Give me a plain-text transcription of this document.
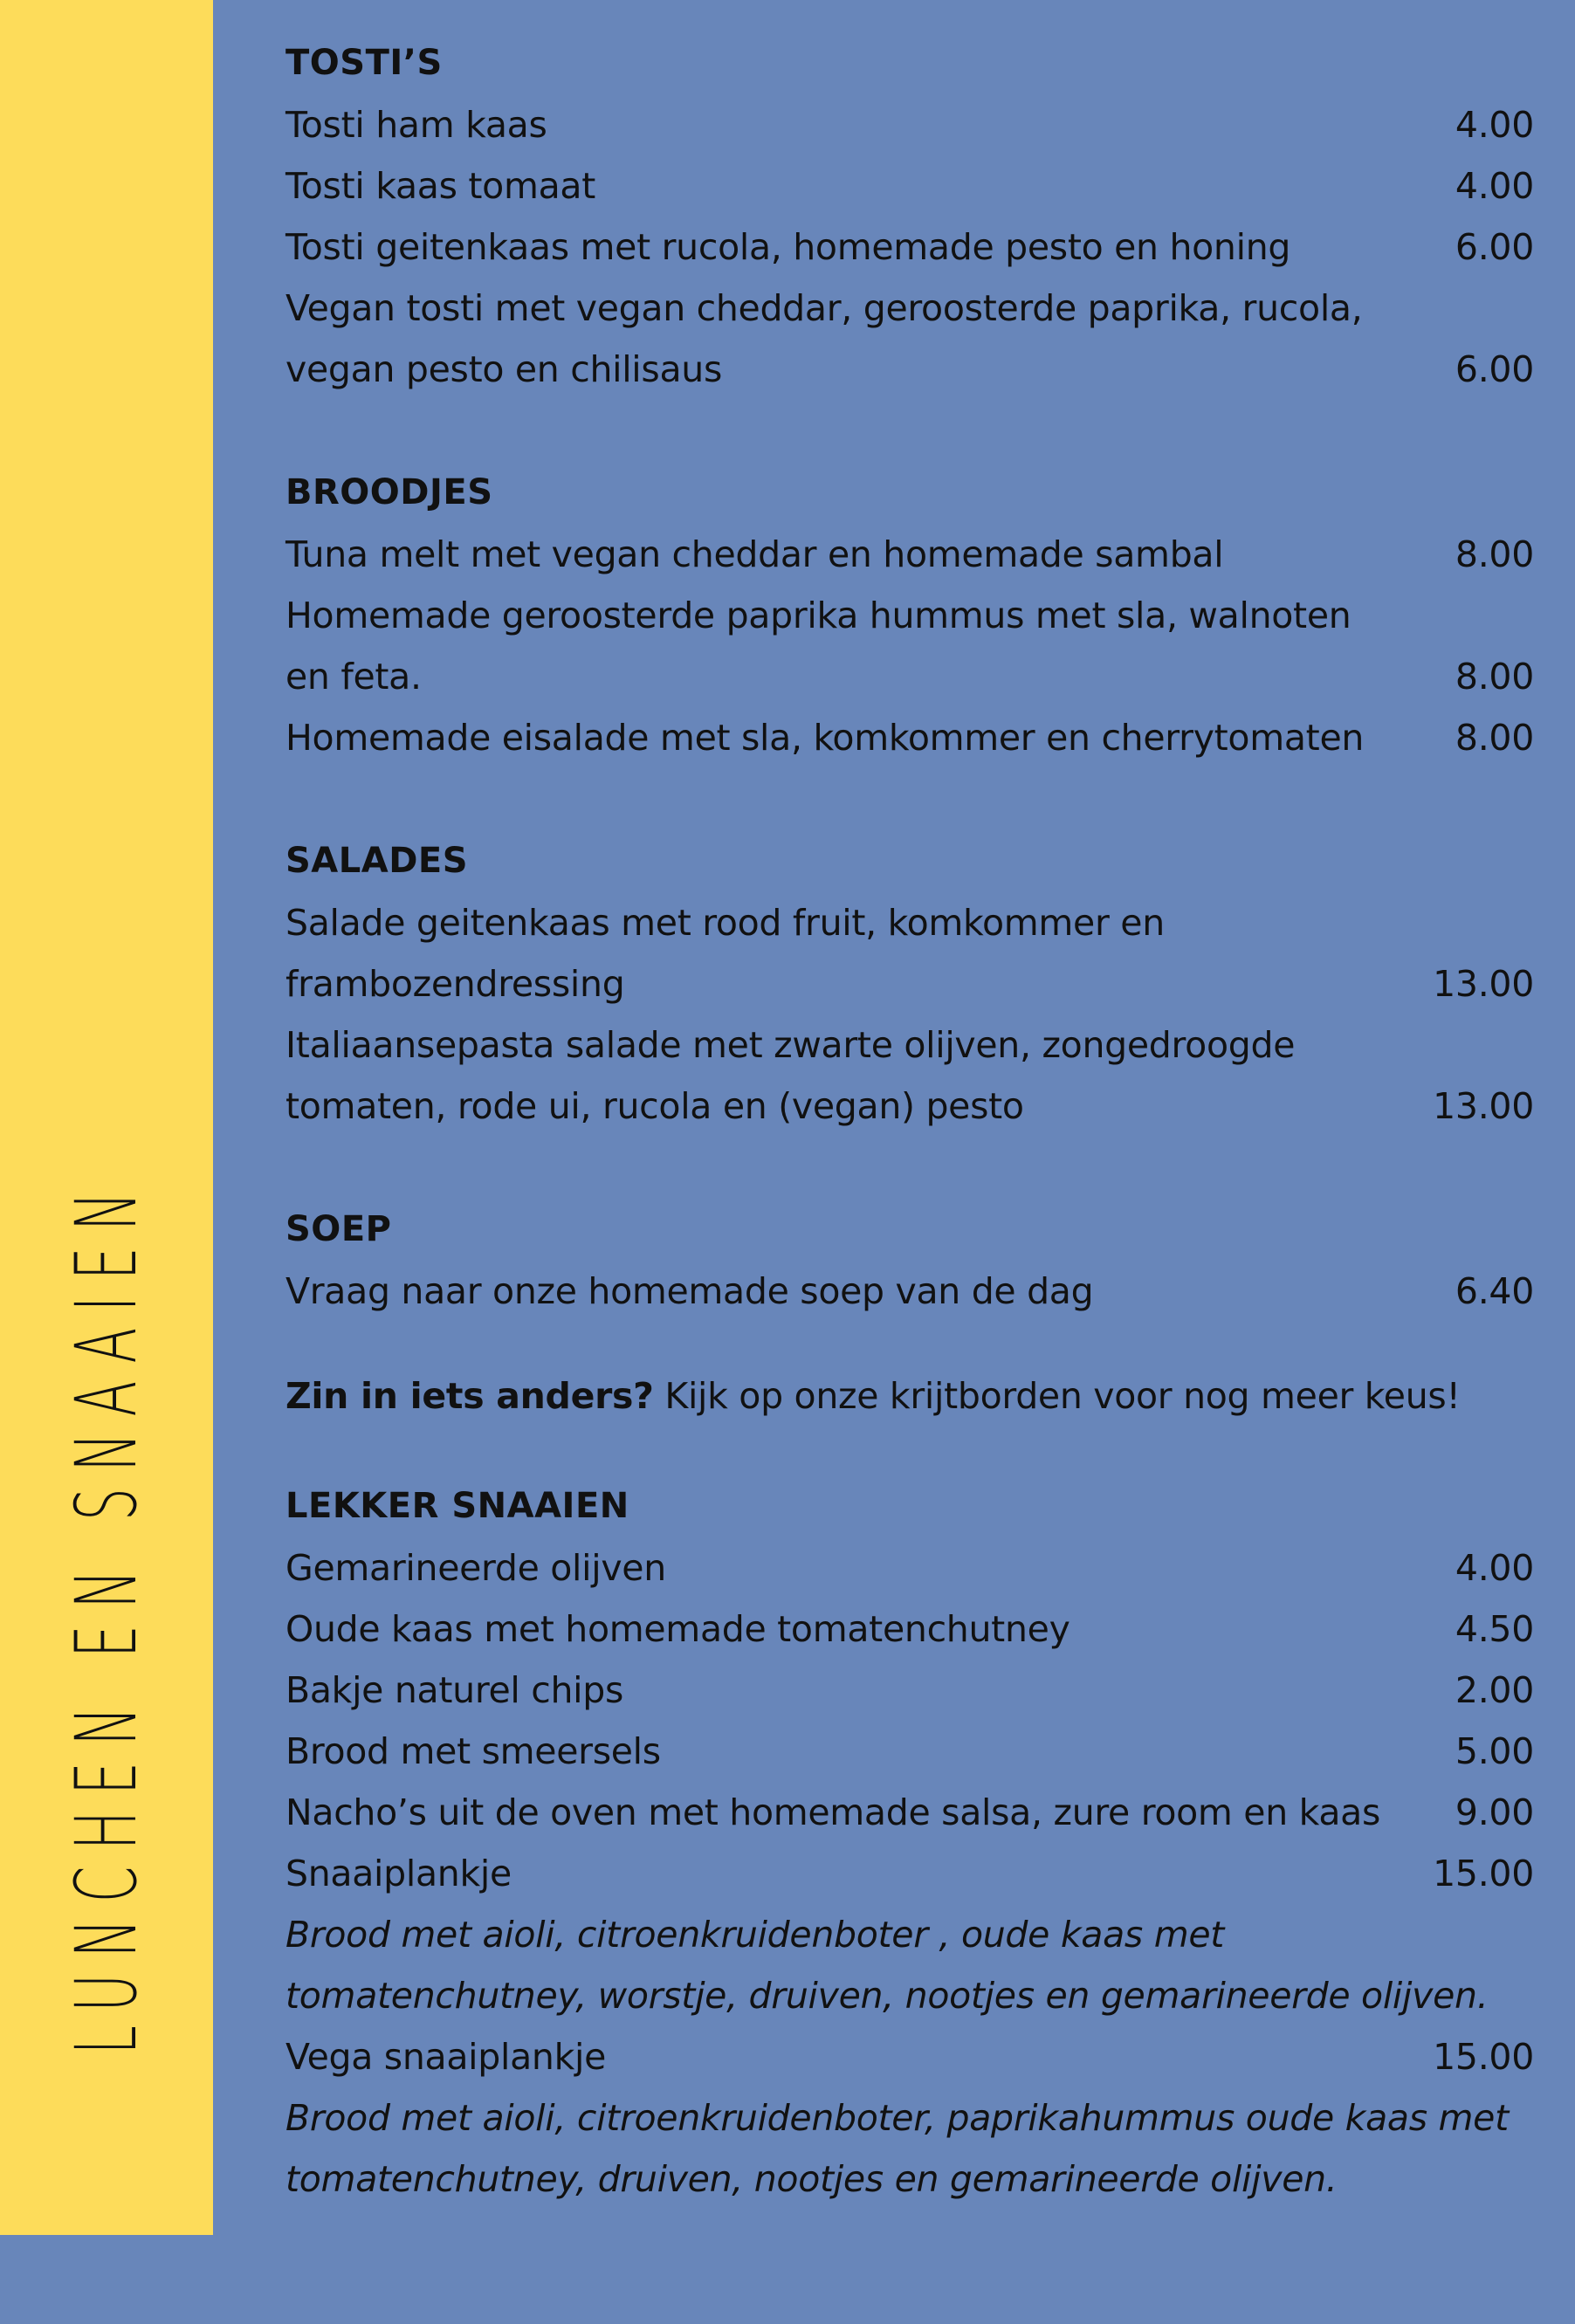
LUNCHEN EN SNAAIEN
TOSTI’S
Tosti ham kaas	4.00
Tosti kaas tomaat	4.00
Tosti geitenkaas met rucola, homemade pesto en honing	6.00
Vegan tosti met vegan cheddar, geroosterde paprika, rucola,
vegan pesto en chilisaus	6.00
BROODJES
Tuna melt met vegan cheddar en homemade sambal	8.00
Homemade geroosterde paprika hummus met sla, walnoten
en feta.	8.00
Homemade eisalade met sla, komkommer en cherrytomaten	8.00
SALADES
Salade geitenkaas met rood fruit, komkommer en
frambozendressing	13.00
Italiaansepasta salade met zwarte olijven, zongedroogde
tomaten, rode ui, rucola en (vegan) pesto	13.00
SOEP
Vraag naar onze homemade soep van de dag	6.40
Zin in iets anders? Kijk op onze krijtborden voor nog meer keus!
LEKKER SNAAIEN
Gemarineerde olijven	4.00
Oude kaas met homemade tomatenchutney	4.50
Bakje naturel chips	2.00
Brood met smeersels	5.00
Nacho’s uit de oven met homemade salsa, zure room en kaas	9.00
Snaaiplankje	15.00
Brood met aioli, citroenkruidenboter , oude kaas met
tomatenchutney, worstje, druiven, nootjes en gemarineerde olijven.
Vega snaaiplankje	15.00
Brood met aioli, citroenkruidenboter, paprikahummus oude kaas met
tomatenchutney, druiven, nootjes en gemarineerde olijven.
